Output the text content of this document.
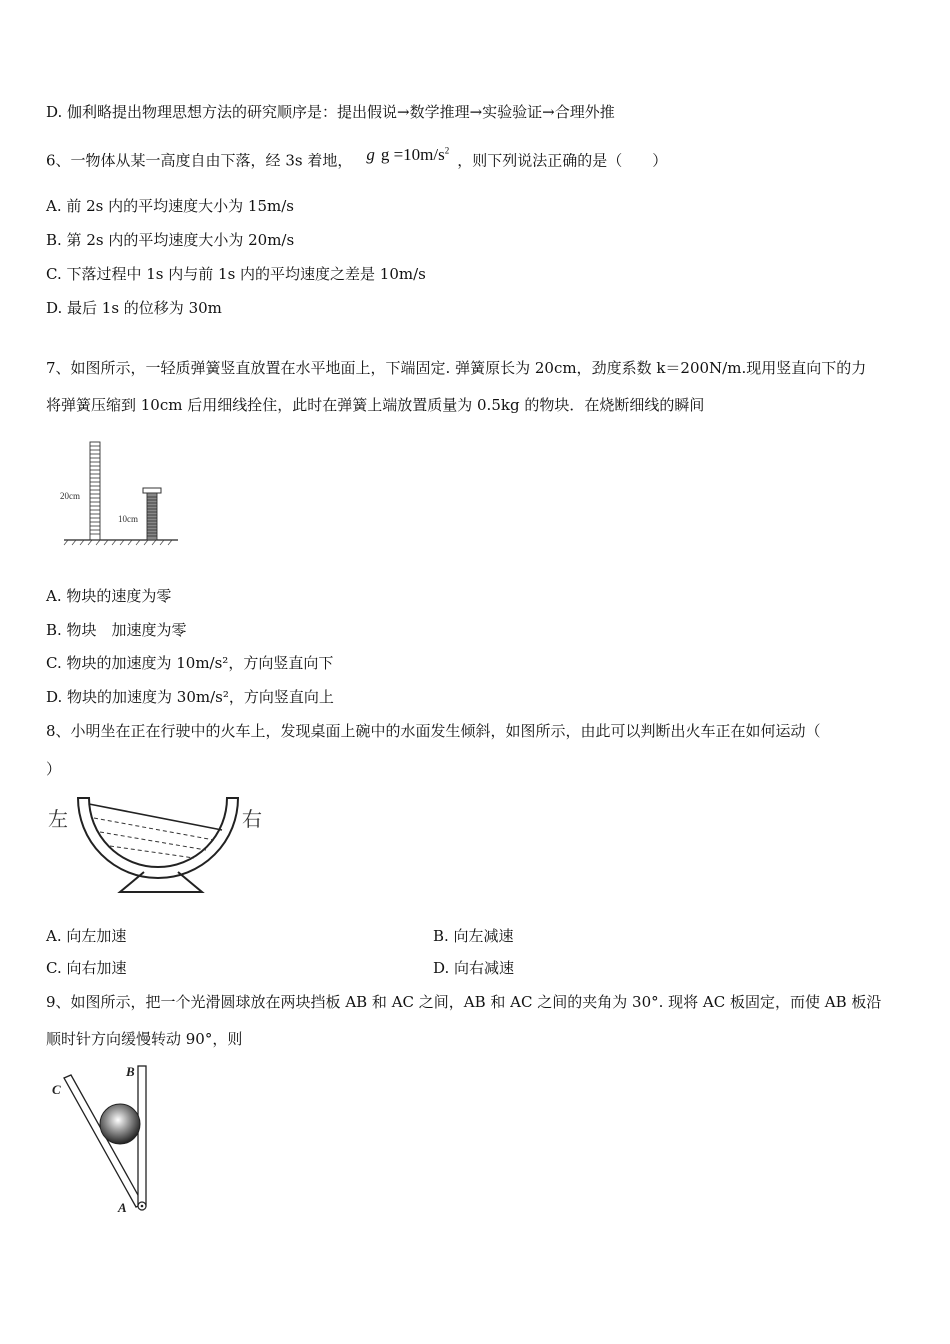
D. 伽利略提出物理思想方法的研究顺序是：提出假说→数学推理→实验验证→合理外推
6、一物体从某一高度自由下落，经 3s 着地， g $g =10m/s^2$，则下列说法正确的是（　　）
A. 前 2s 内的平均速度大小为 15m/s
B. 第 2s 内的平均速度大小为 20m/s
C. 下落过程中 1s 内与前 1s 内的平均速度之差是 10m/s
D. 最后 1s 的位移为 30m
7、如图所示，一轻质弹簧竖直放置在水平地面上，下端固定. 弹簧原长为 20cm，劲度系数 k＝200N/m.现用竖直向下的力
将弹簧压缩到 10cm 后用细线拴住，此时在弹簧上端放置质量为 0.5kg 的物块．在烧断细线的瞬间
20cm
10cm
A. 物块的速度为零
B. 物块　加速度为零
C. 物块的加速度为 10m/s²，方向竖直向下
D. 物块的加速度为 30m/s²，方向竖直向上
8、小明坐在正在行驶中的火车上，发现桌面上碗中的水面发生倾斜，如图所示，由此可以判断出火车正在如何运动（
）
左	右
A. 向左加速	B. 向左减速
C. 向右加速	D. 向右减速
9、如图所示，把一个光滑圆球放在两块挡板 AB 和 AC 之间，AB 和 AC 之间的夹角为 30°. 现将 AC 板固定，而使 AB 板沿
顺时针方向缓慢转动 90°，则
C
B
A
